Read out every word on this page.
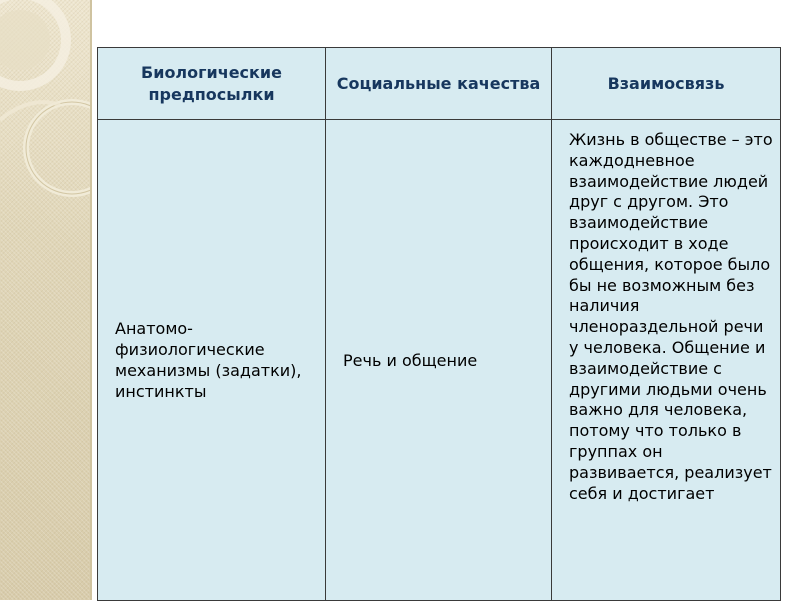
Биологические предпосылки	Социальные качества	Взаимосвязь

Анатомо-физиологические механизмы (задатки), инстинкты	Речь и общение	Жизнь в обществе – это каждодневное взаимодействие людей друг с другом. Это взаимодействие происходит в ходе общения, которое было бы не возможным без наличия членораздельной речи у человека. Общение и взаимодействие с другими людьми очень важно для человека, потому что только в группах он развивается, реализует себя и достигает
